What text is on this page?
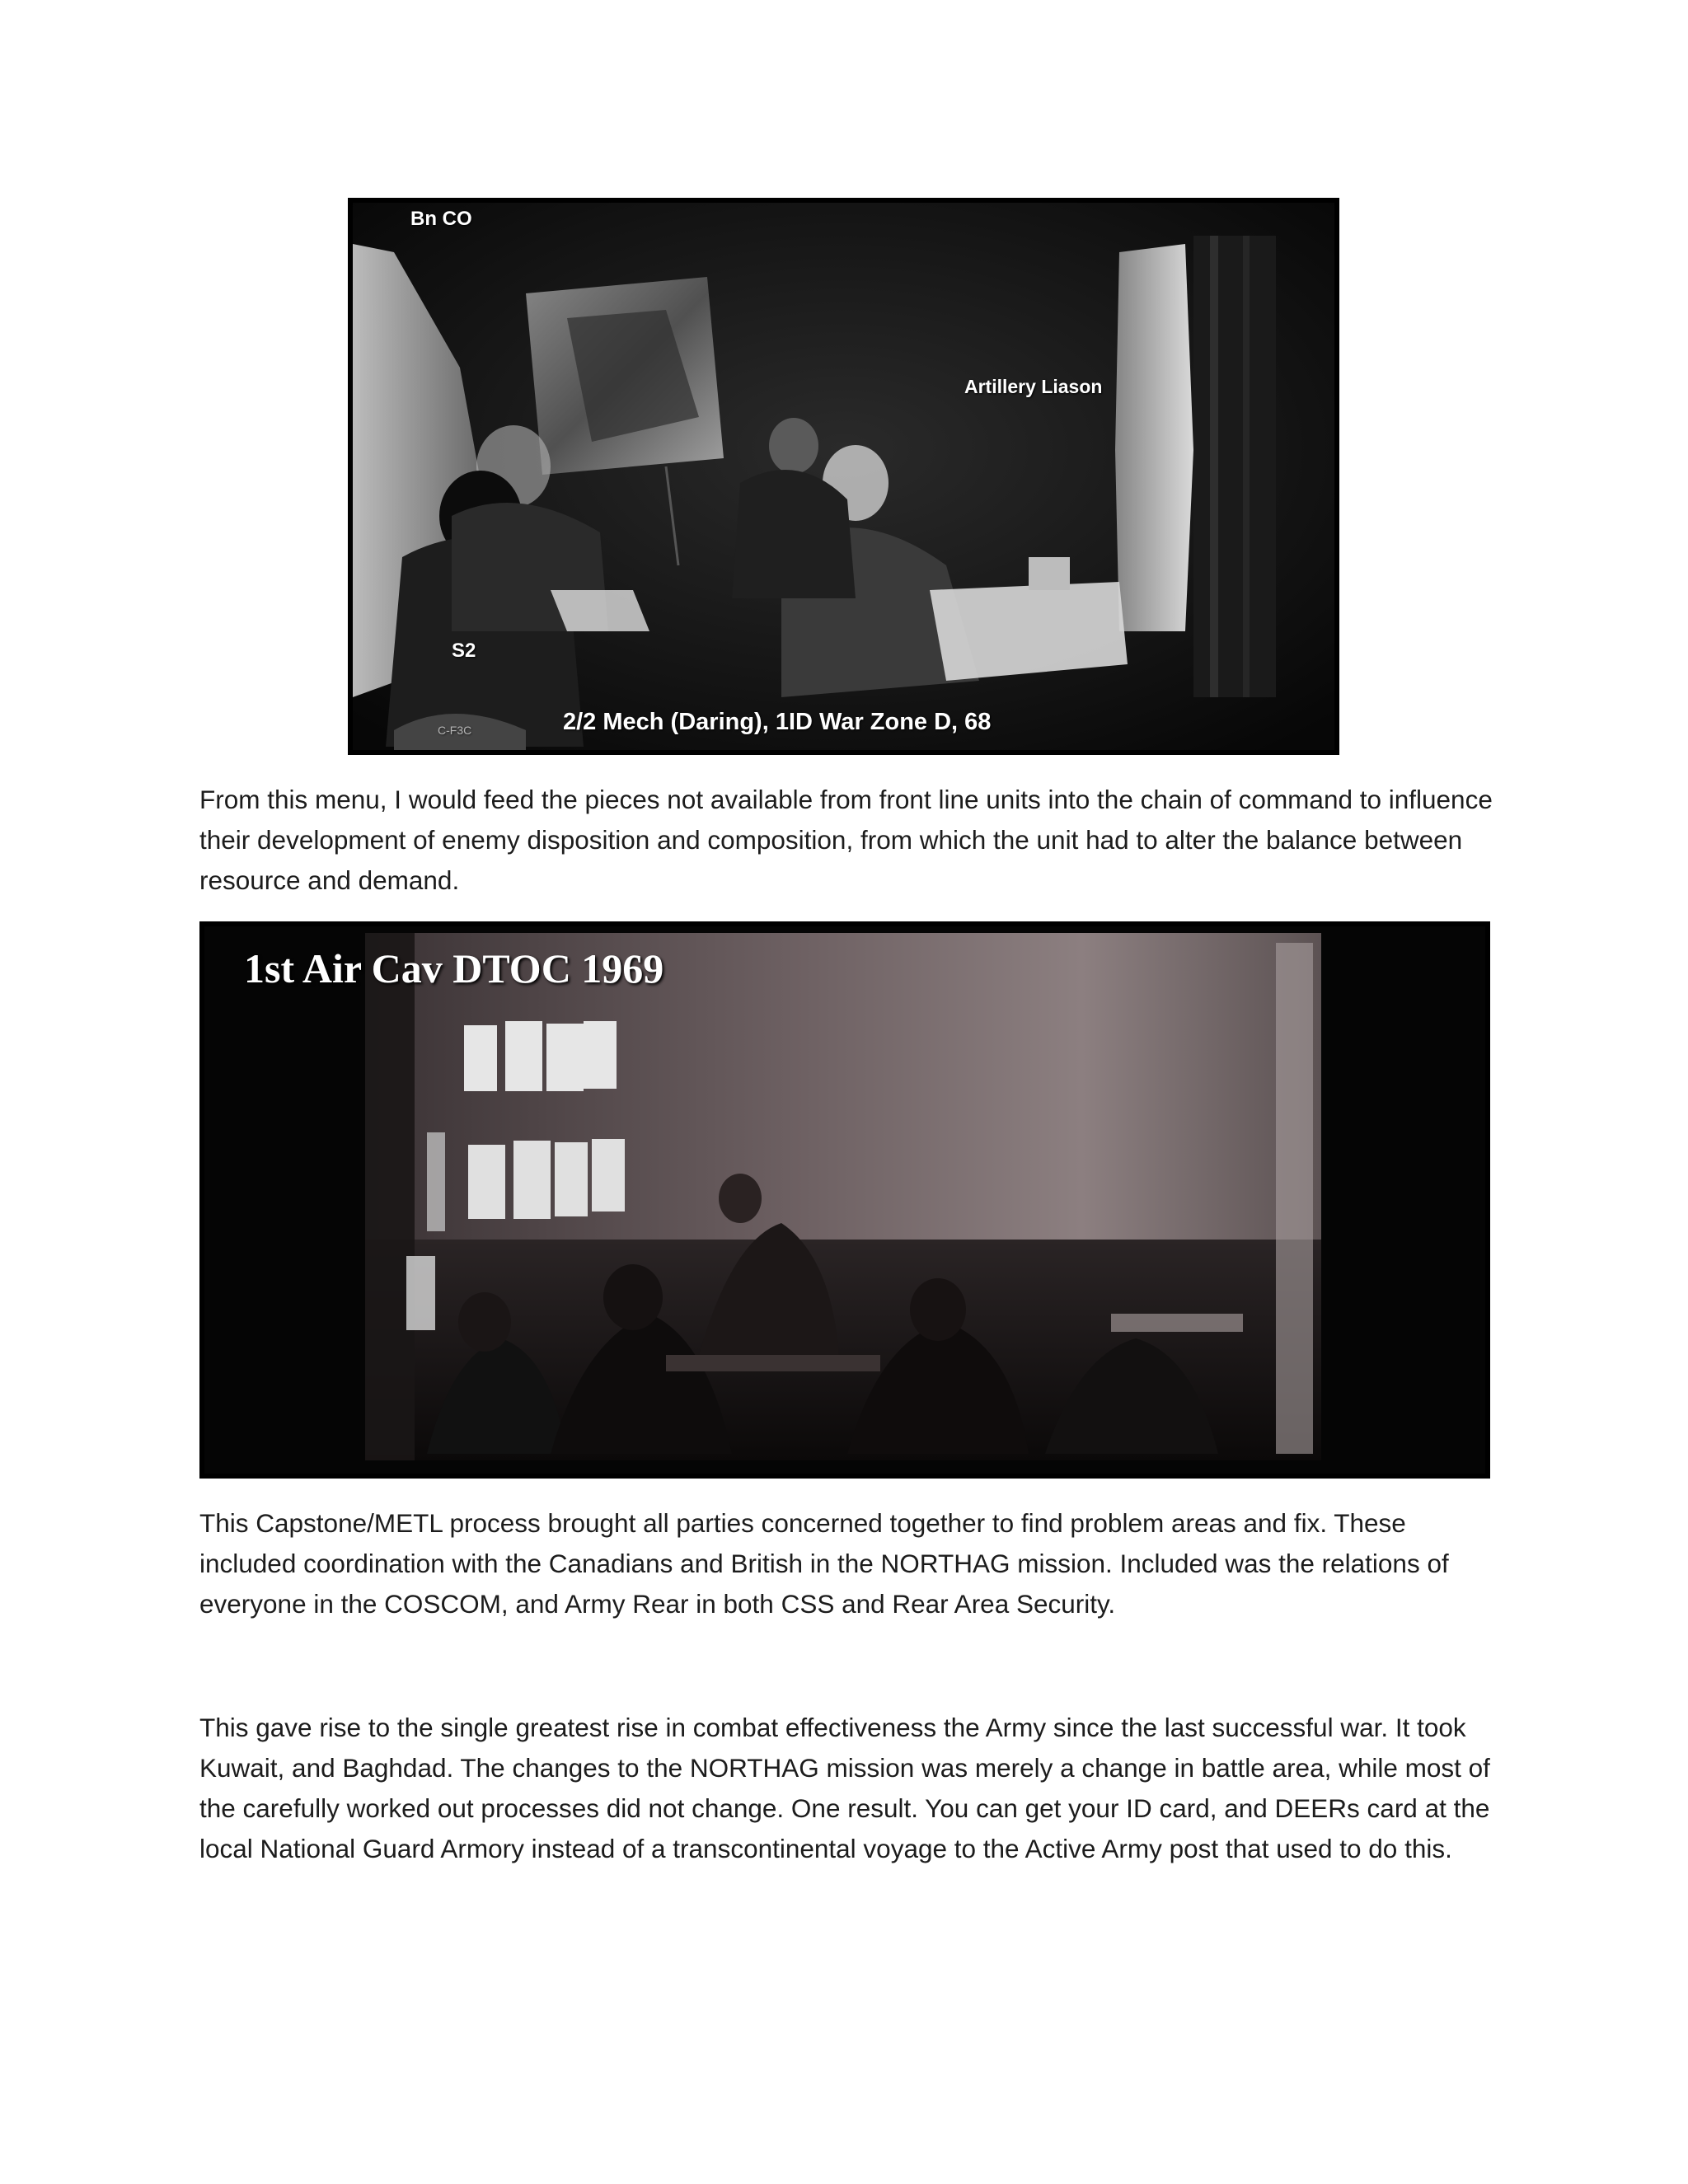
Bn CO
Artillery Liason
S2
2/2 Mech (Daring), 1ID War Zone D, 68
C-F3C

From this menu, I would feed the pieces not available from front line units into the chain of command to influence their development of enemy disposition and composition, from which the unit had to alter the balance between resource and demand.

1st Air Cav DTOC 1969

This Capstone/METL process brought all parties concerned together to find problem areas and fix. These included coordination with the Canadians and British in the NORTHAG mission. Included was the relations of everyone in the COSCOM, and Army Rear in both CSS and Rear Area Security.

This gave rise to the single greatest rise in combat effectiveness the Army since the last successful war. It took Kuwait, and Baghdad. The changes to the NORTHAG mission was merely a change in battle area, while most of the carefully worked out processes did not change. One result. You can get your ID card, and DEERs card at the local National Guard Armory instead of a transcontinental voyage to the Active Army post that used to do this.
